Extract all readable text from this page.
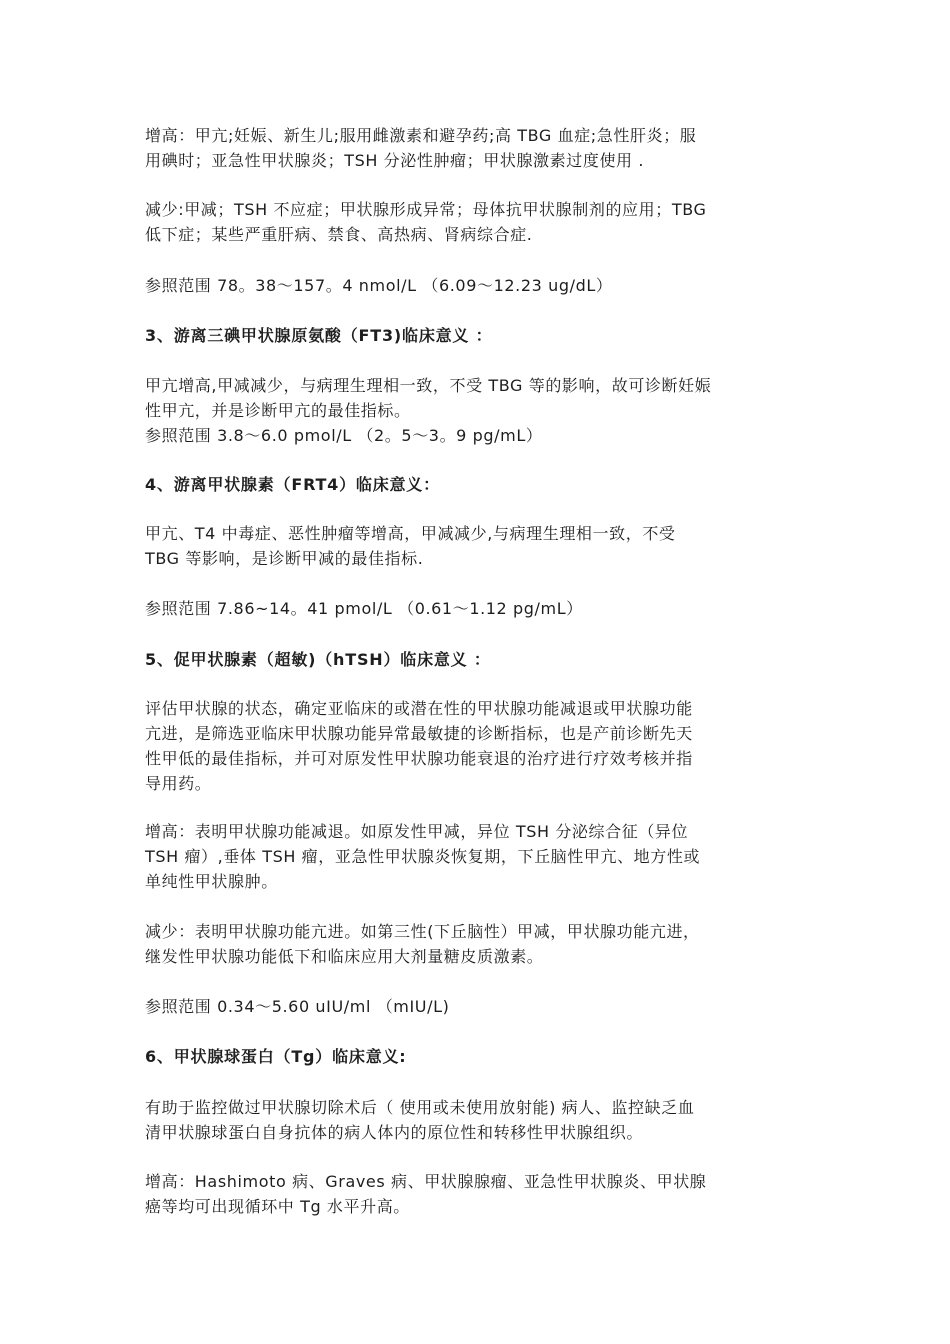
增高：甲亢;妊娠、新生儿;服用雌激素和避孕药;高 TBG 血症;急性肝炎；服
用碘时；亚急性甲状腺炎；TSH 分泌性肿瘤；甲状腺激素过度使用 .

减少:甲减；TSH 不应症；甲状腺形成异常；母体抗甲状腺制剂的应用；TBG
低下症；某些严重肝病、禁食、高热病、肾病综合症.

参照范围 78。38～157。4 nmol/L （6.09～12.23 ug/dL）

3、游离三碘甲状腺原氨酸（FT3)临床意义 ：

甲亢增高,甲减减少，与病理生理相一致，不受 TBG 等的影响，故可诊断妊娠
性甲亢，并是诊断甲亢的最佳指标。
参照范围 3.8～6.0 pmol/L （2。5～3。9 pg/mL）

4、游离甲状腺素（FRT4）临床意义：

甲亢、T4 中毒症、恶性肿瘤等增高，甲减减少,与病理生理相一致，不受
TBG 等影响，是诊断甲减的最佳指标.

参照范围 7.86~14。41 pmol/L （0.61～1.12 pg/mL）

5、促甲状腺素（超敏)（hTSH）临床意义 ：

评估甲状腺的状态，确定亚临床的或潜在性的甲状腺功能减退或甲状腺功能
亢进，是筛选亚临床甲状腺功能异常最敏捷的诊断指标，也是产前诊断先天
性甲低的最佳指标，并可对原发性甲状腺功能衰退的治疗进行疗效考核并指
导用药。

增高：表明甲状腺功能减退。如原发性甲减，异位 TSH 分泌综合征（异位
TSH 瘤）,垂体 TSH 瘤，亚急性甲状腺炎恢复期，下丘脑性甲亢、地方性或
单纯性甲状腺肿。

减少：表明甲状腺功能亢进。如第三性(下丘脑性）甲减，甲状腺功能亢进，
继发性甲状腺功能低下和临床应用大剂量糖皮质激素。

参照范围 0.34～5.60 uIU/ml （mIU/L)

6、甲状腺球蛋白（Tg）临床意义:

有助于监控做过甲状腺切除术后（ 使用或未使用放射能) 病人、监控缺乏血
清甲状腺球蛋白自身抗体的病人体内的原位性和转移性甲状腺组织。

增高：Hashimoto 病、Graves 病、甲状腺腺瘤、亚急性甲状腺炎、甲状腺
癌等均可出现循环中 Tg 水平升高。
